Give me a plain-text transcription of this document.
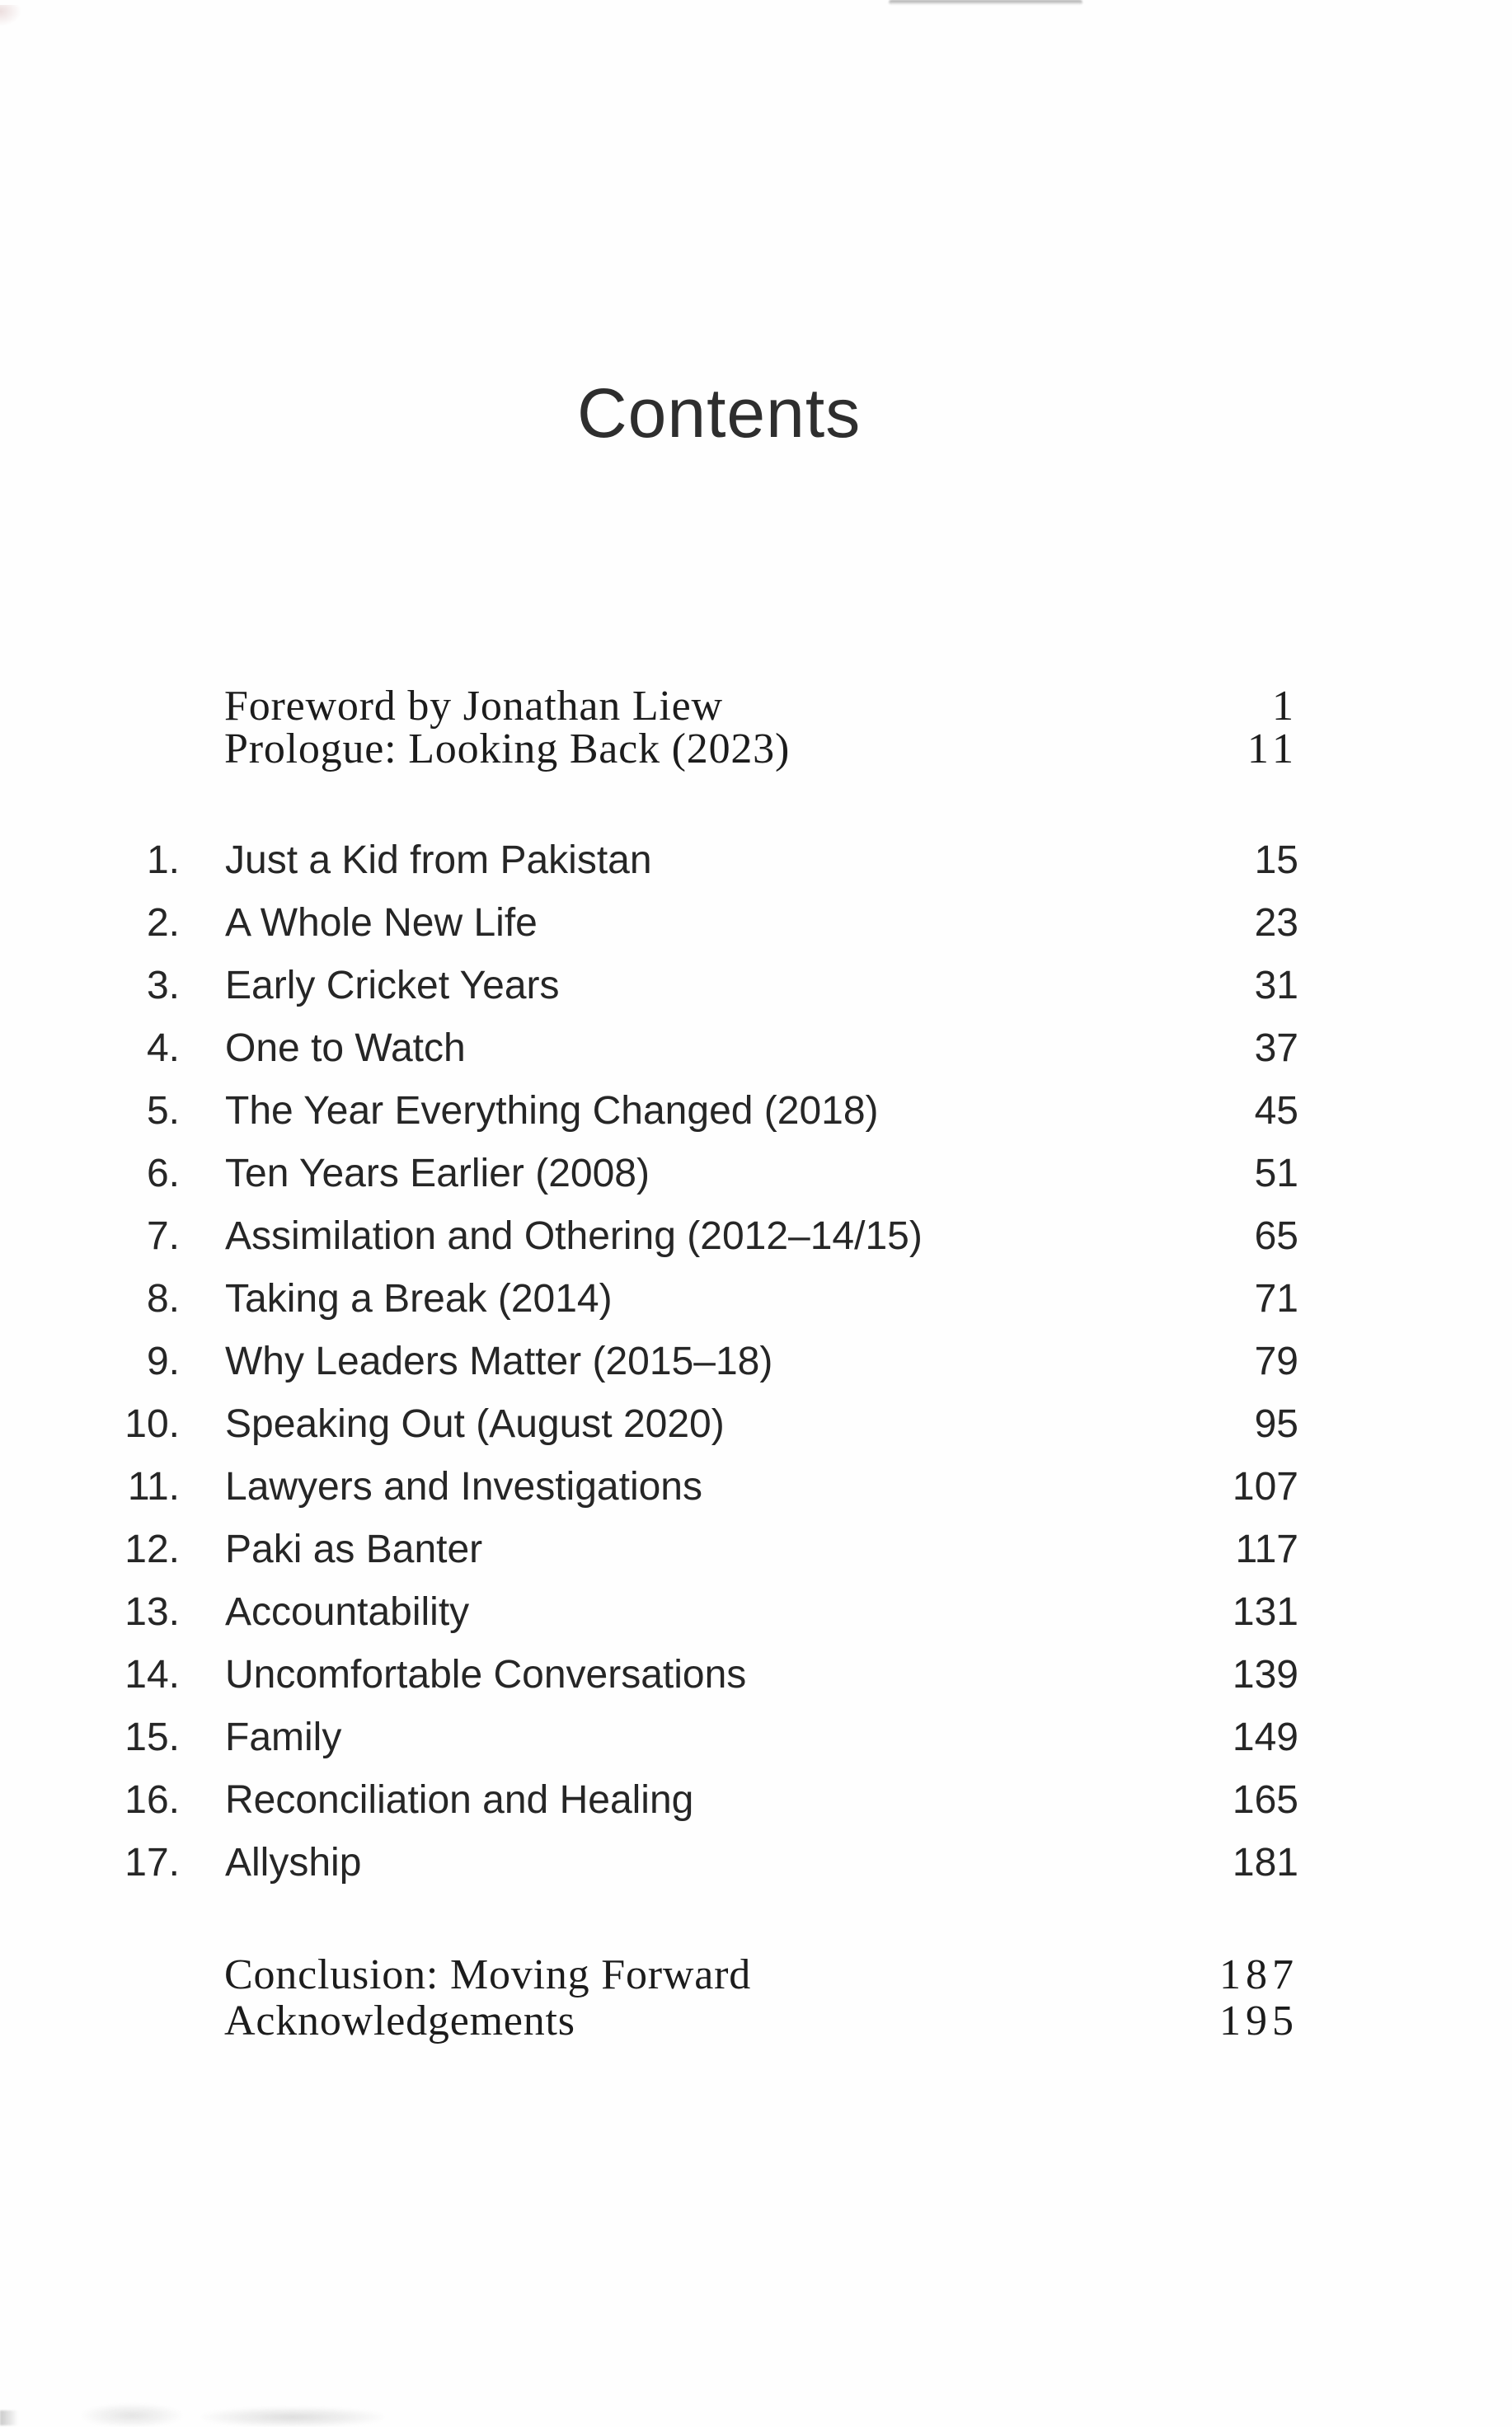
Contents
Foreword by Jonathan Liew	1
Prologue: Looking Back (2023)	11
1. Just a Kid from Pakistan	15
2. A Whole New Life	23
3. Early Cricket Years	31
4. One to Watch	37
5. The Year Everything Changed (2018)	45
6. Ten Years Earlier (2008)	51
7. Assimilation and Othering (2012–14/15)	65
8. Taking a Break (2014)	71
9. Why Leaders Matter (2015–18)	79
10. Speaking Out (August 2020)	95
11. Lawyers and Investigations	107
12. Paki as Banter	117
13. Accountability	131
14. Uncomfortable Conversations	139
15. Family	149
16. Reconciliation and Healing	165
17. Allyship	181
Conclusion: Moving Forward	187
Acknowledgements	195
